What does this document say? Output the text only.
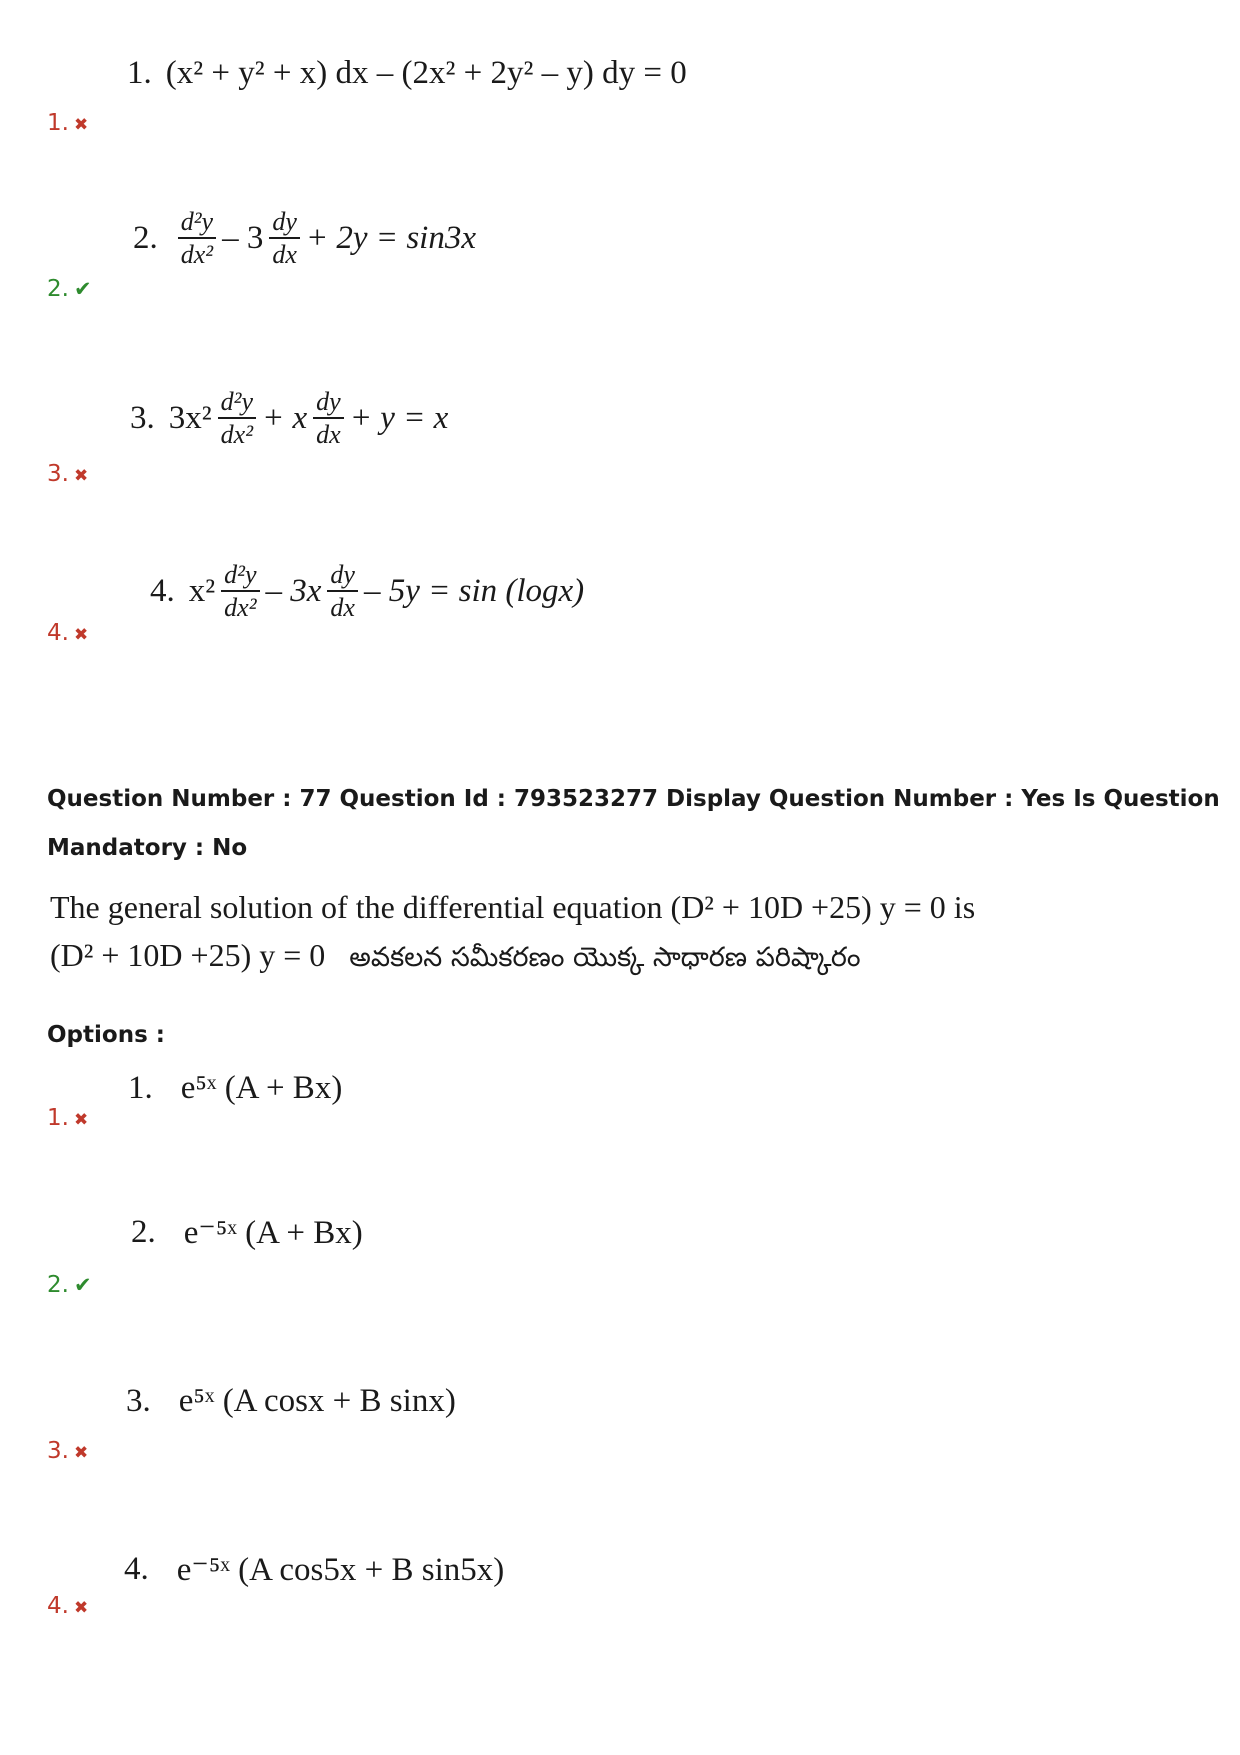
1. (x² + y² + x) dx – (2x² + 2y² – y) dy = 0
1. ✖
2. $\frac{\text{d²y}}{\text{dx²}} - 3 \frac{dy}{dx} + 2y = \sin 3x$
2. ✔
3. $3x^2 \frac{\text{d²y}}{\text{dx²}} + x \frac{dy}{dx} + y = x$
3. ✖
4. $x^2 \frac{\text{d²y}}{\text{dx²}} - 3x \frac{dy}{dx} - 5y = \sin (\log x)$
4. ✖
Question Number : 77 Question Id : 793523277 Display Question Number : Yes Is Question
Mandatory : No
The general solution of the differential equation (D² + 10D +25) y = 0 is
(D² + 10D +25) y = 0 అవకలన సమీకరణం యొక్క సాధారణ పరిష్కారం
Options :
1. e⁵ˣ (A + Bx)
1. ✖
2. e⁻⁵ˣ (A + Bx)
2. ✔
3. e⁵ˣ (A cosx + B sinx)
3. ✖
4. e⁻⁵ˣ (A cos5x + B sin5x)
4. ✖
